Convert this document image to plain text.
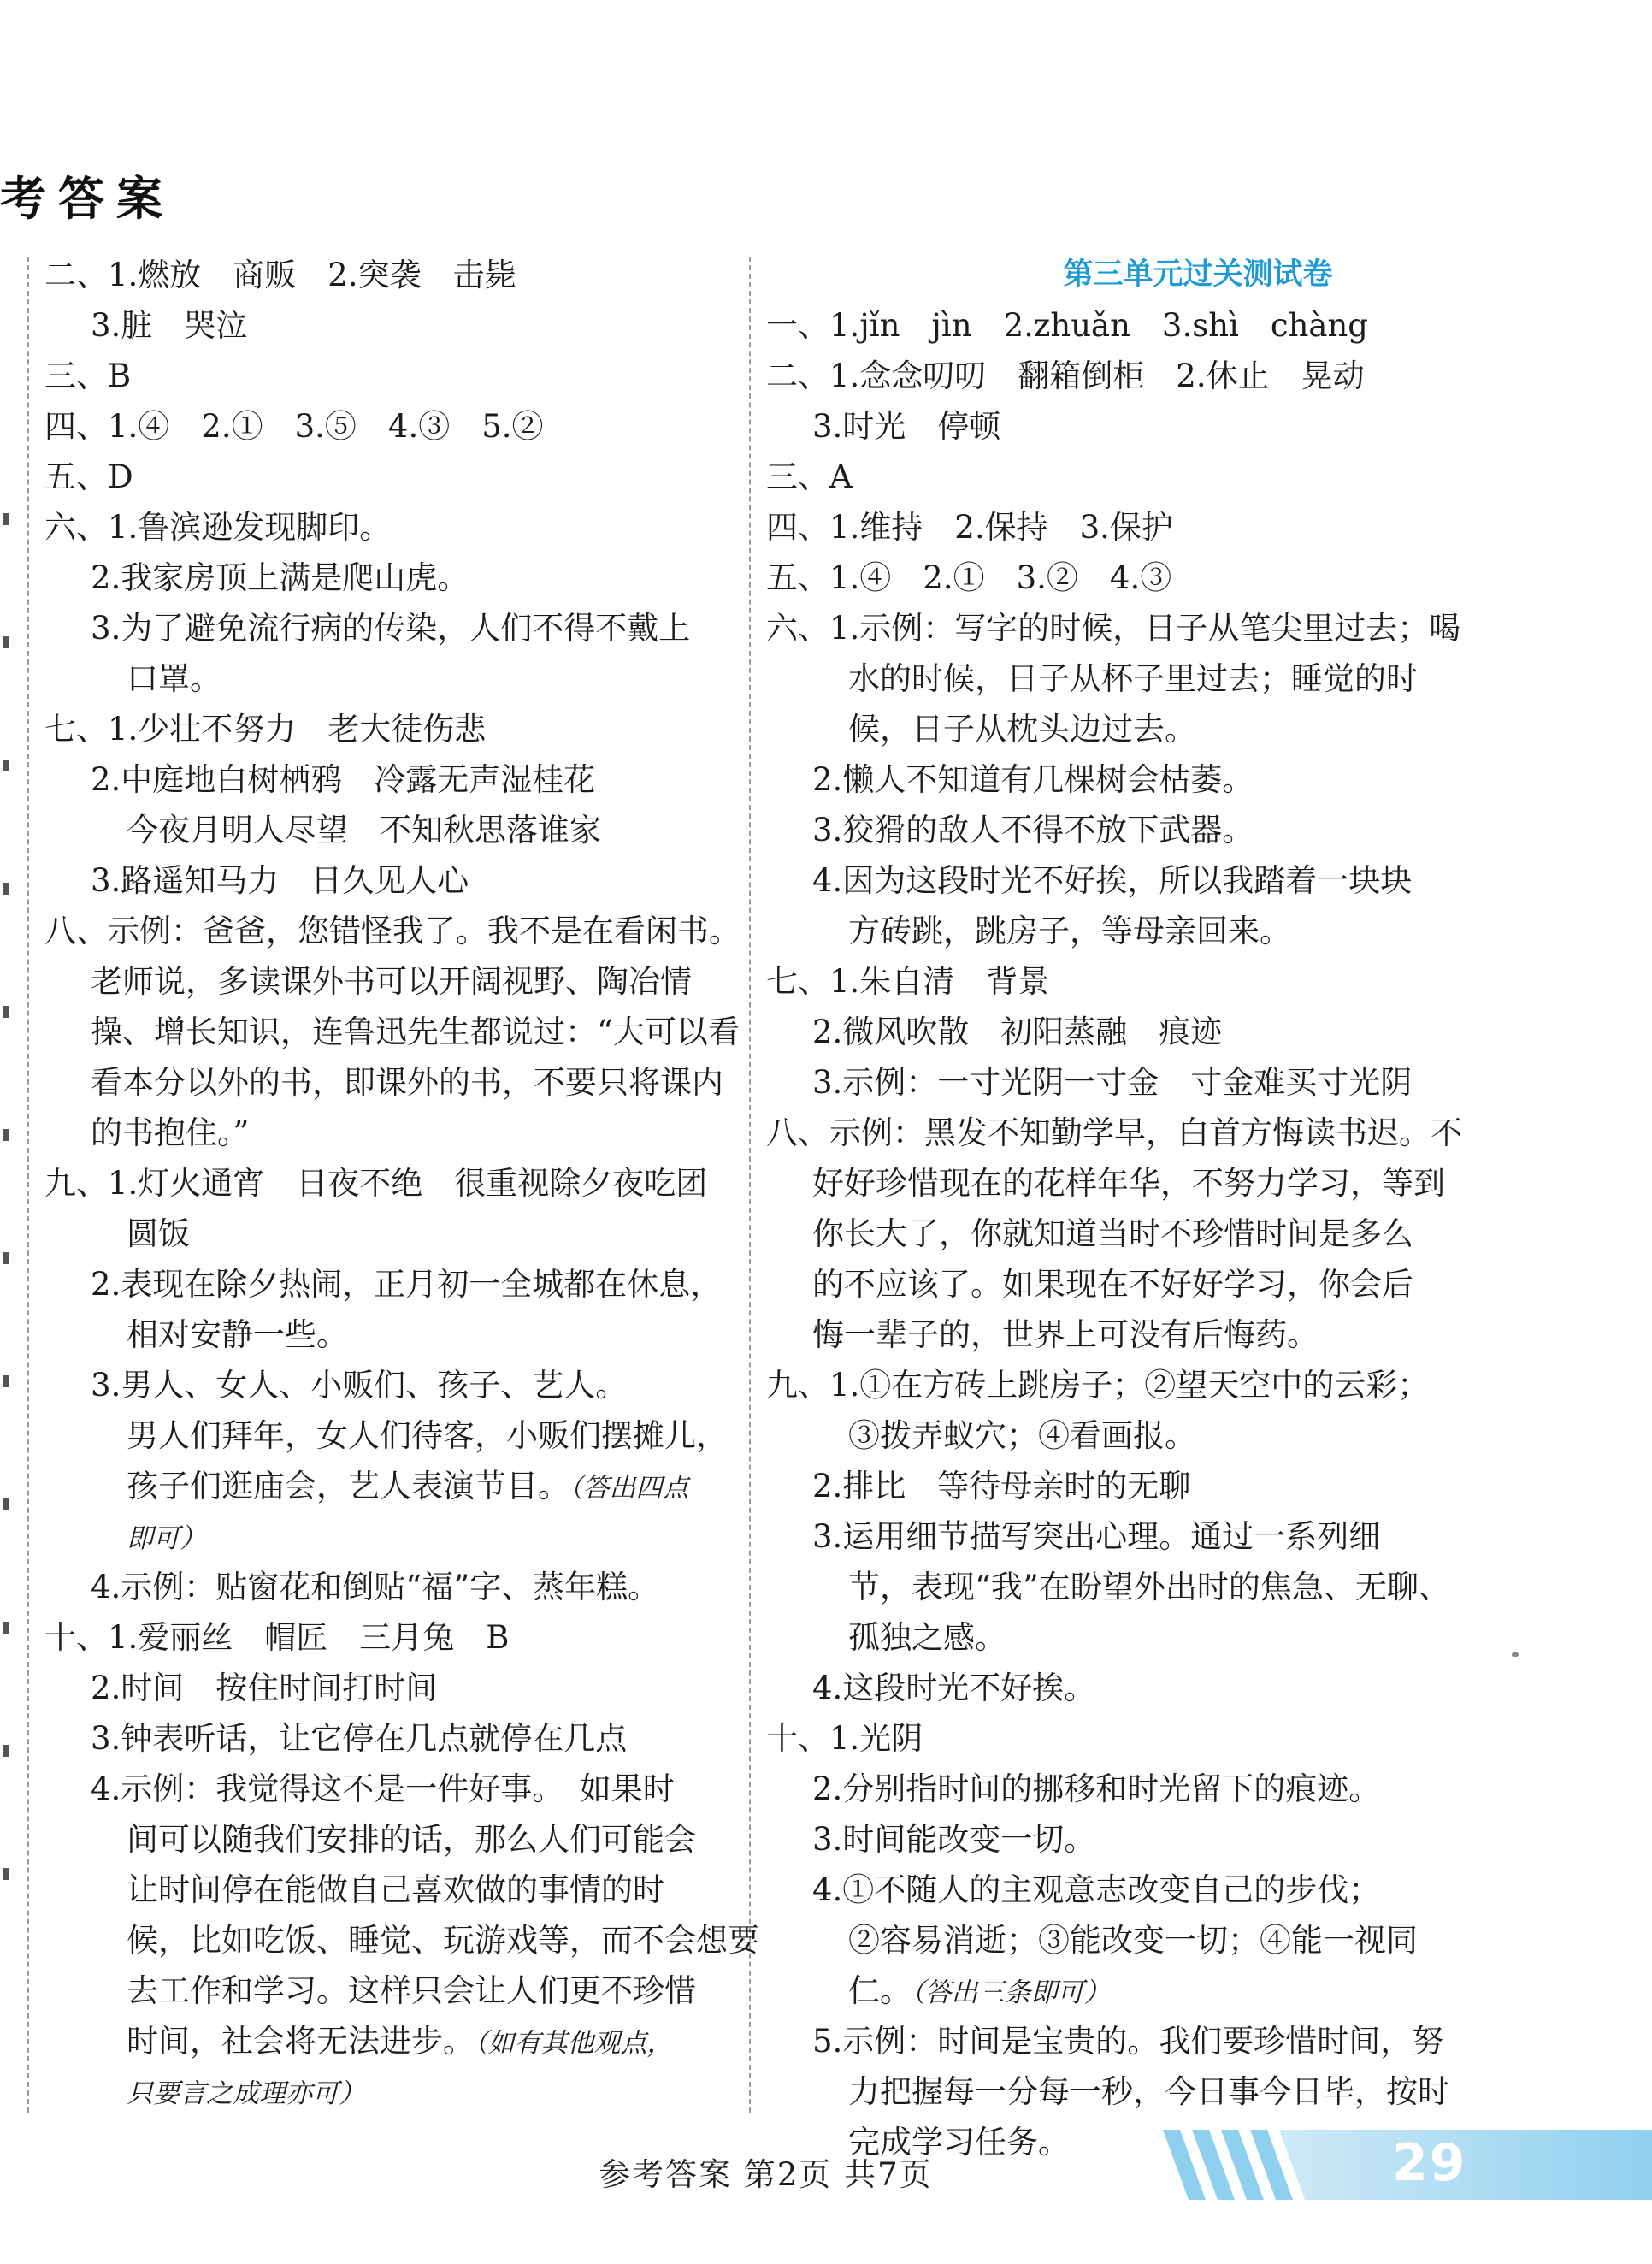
考答案
二、1.燃放　商贩　2.突袭　击毙
3.脏　哭泣
三、B
四、1.④　2.①　3.⑤　4.③　5.②
五、D
六、1.鲁滨逊发现脚印。
2.我家房顶上满是爬山虎。
3.为了避免流行病的传染，人们不得不戴上
口罩。
七、1.少壮不努力　老大徒伤悲
2.中庭地白树栖鸦　冷露无声湿桂花
今夜月明人尽望　不知秋思落谁家
3.路遥知马力　日久见人心
八、示例：爸爸，您错怪我了。我不是在看闲书。
老师说，多读课外书可以开阔视野、陶冶情
操、增长知识，连鲁迅先生都说过：“大可以看
看本分以外的书，即课外的书，不要只将课内
的书抱住。”
九、1.灯火通宵　日夜不绝　很重视除夕夜吃团
圆饭
2.表现在除夕热闹，正月初一全城都在休息，
相对安静一些。
3.男人、女人、小贩们、孩子、艺人。
男人们拜年，女人们待客，小贩们摆摊儿，
孩子们逛庙会，艺人表演节目。（答出四点
即可）
4.示例：贴窗花和倒贴“福”字、蒸年糕。
十、1.爱丽丝　帽匠　三月兔　B
2.时间　按住时间打时间
3.钟表听话，让它停在几点就停在几点
4.示例：我觉得这不是一件好事。　如果时
间可以随我们安排的话，那么人们可能会
让时间停在能做自己喜欢做的事情的时
候，比如吃饭、睡觉、玩游戏等，而不会想要
去工作和学习。这样只会让人们更不珍惜
时间，社会将无法进步。（如有其他观点，
只要言之成理亦可）
第三单元过关测试卷
一、1.jǐn　jìn　2.zhuǎn　3.shì　chàng
二、1.念念叨叨　翻箱倒柜　2.休止　晃动
3.时光　停顿
三、A
四、1.维持　2.保持　3.保护
五、1.④　2.①　3.②　4.③
六、1.示例：写字的时候，日子从笔尖里过去；喝
水的时候，日子从杯子里过去；睡觉的时
候，日子从枕头边过去。
2.懒人不知道有几棵树会枯萎。
3.狡猾的敌人不得不放下武器。
4.因为这段时光不好挨，所以我踏着一块块
方砖跳，跳房子，等母亲回来。
七、1.朱自清　背景
2.微风吹散　初阳蒸融　痕迹
3.示例：一寸光阴一寸金　寸金难买寸光阴
八、示例：黑发不知勤学早，白首方悔读书迟。不
好好珍惜现在的花样年华，不努力学习，等到
你长大了，你就知道当时不珍惜时间是多么
的不应该了。如果现在不好好学习，你会后
悔一辈子的，世界上可没有后悔药。
九、1.①在方砖上跳房子；②望天空中的云彩；
③拨弄蚁穴；④看画报。
2.排比　等待母亲时的无聊
3.运用细节描写突出心理。通过一系列细
节，表现“我”在盼望外出时的焦急、无聊、
孤独之感。
4.这段时光不好挨。
十、1.光阴
2.分别指时间的挪移和时光留下的痕迹。
3.时间能改变一切。
4.①不随人的主观意志改变自己的步伐；
②容易消逝；③能改变一切；④能一视同
仁。（答出三条即可）
5.示例：时间是宝贵的。我们要珍惜时间，努
力把握每一分每一秒，今日事今日毕，按时
完成学习任务。
参考答案 第2页 共7页	29
